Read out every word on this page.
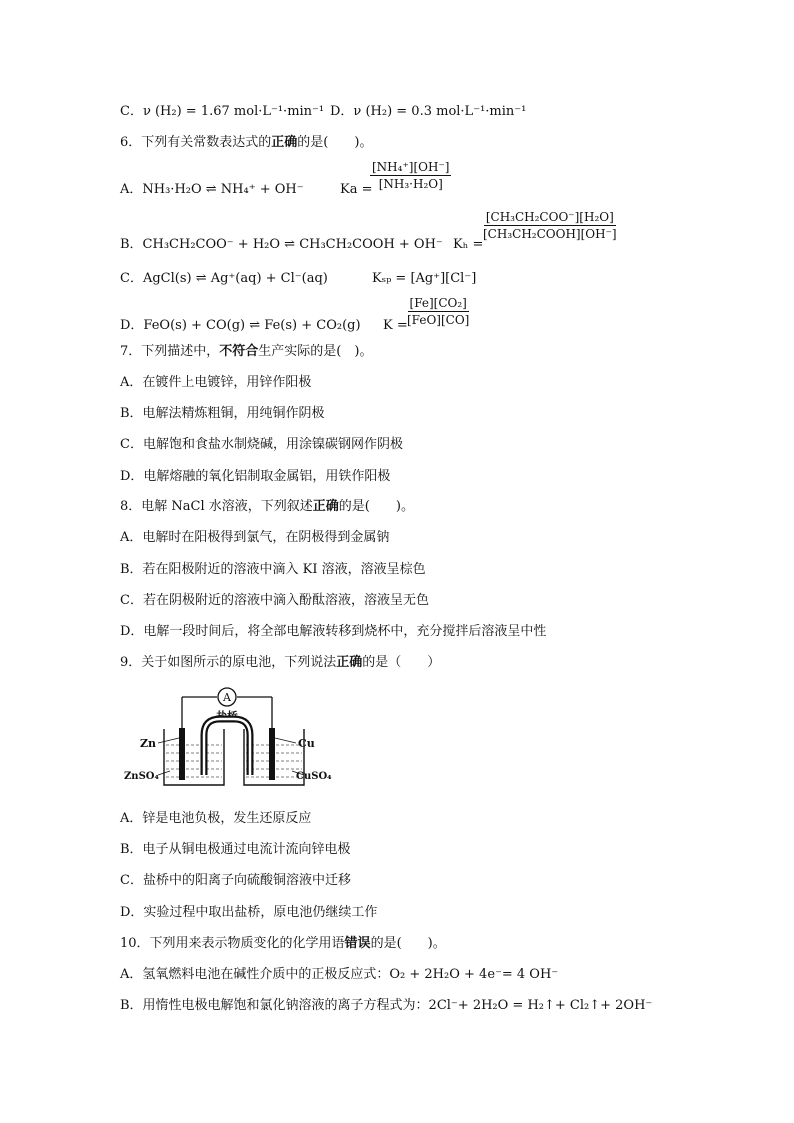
C．ν (H₂) = 1.67 mol·L⁻¹·min⁻¹ D．ν (H₂) = 0.3 mol·L⁻¹·min⁻¹
6．下列有关常数表达式的正确的是(　　)。
A．NH₃·H₂O ⇌ NH₄⁺ + OH⁻	Ka =
$\frac{\text{[NH₄⁺][OH⁻]}}{\text{[NH₃·H₂O]}}$
B．CH₃CH₂COO⁻ + H₂O ⇌ CH₃CH₂COOH + OH⁻ Kₕ =
[CH₃CH₂COO⁻][H₂O]
[CH₃CH₂COOH][OH⁻]
C．AgCl(s) ⇌ Ag⁺(aq) + Cl⁻(aq)	Kₛₚ = [Ag⁺][Cl⁻]
D．FeO(s) + CO(g) ⇌ Fe(s) + CO₂(g) K =
[Fe][CO₂]
[FeO][CO]
7．下列描述中，不符合生产实际的是(　)。
A．在镀件上电镀锌，用锌作阳极
B．电解法精炼粗铜，用纯铜作阴极
C．电解饱和食盐水制烧碱，用涂镍碳钢网作阴极
D．电解熔融的氧化铝制取金属铝，用铁作阳极
8．电解 NaCl 水溶液，下列叙述正确的是(　　)。
A．电解时在阳极得到氯气，在阴极得到金属钠
B．若在阳极附近的溶液中滴入 KI 溶液，溶液呈棕色
C．若在阴极附近的溶液中滴入酚酞溶液，溶液呈无色
D．电解一段时间后，将全部电解液转移到烧杯中，充分搅拌后溶液呈中性
9．关于如图所示的原电池，下列说法正确的是（　　）
A
盐桥
Zn	Cu
ZnSO₄	CuSO₄
A．锌是电池负极，发生还原反应
B．电子从铜电极通过电流计流向锌电极
C．盐桥中的阳离子向硫酸铜溶液中迁移
D．实验过程中取出盐桥，原电池仍继续工作
10．下列用来表示物质变化的化学用语错误的是(　　)。
A．氢氧燃料电池在碱性介质中的正极反应式：O₂ + 2H₂O + 4e⁻= 4 OH⁻
B．用惰性电极电解饱和氯化钠溶液的离子方程式为：2Cl⁻+ 2H₂O = H₂↑+ Cl₂↑+ 2OH⁻
